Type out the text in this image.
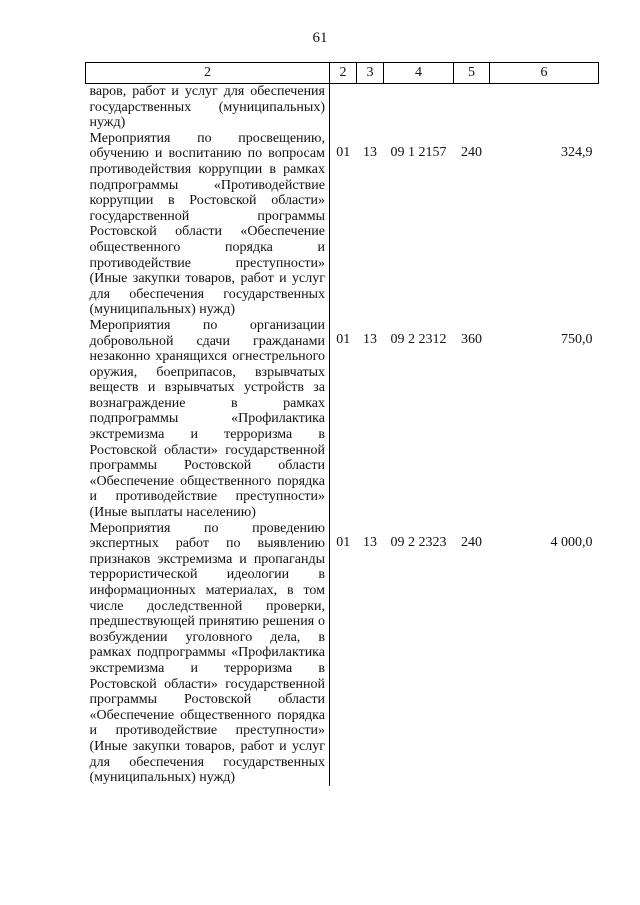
61
2	2	3	4	5	6
варов, работ и услуг для обеспечения государственных (муниципальных) нужд)					
Мероприятия по просвещению, обучению и воспитанию по вопросам противодействия коррупции в рамках подпрограммы «Противодействие коррупции в Ростовской области» государственной программы Ростовской области «Обеспечение общественного порядка и противодействие преступности» (Иные закупки товаров, работ и услуг для обеспечения государственных (муниципальных) нужд)	01	13	09 1 2157	240	324,9
Мероприятия по организации добровольной сдачи гражданами незаконно хранящихся огнестрельного оружия, боеприпасов, взрывчатых веществ и взрывчатых устройств за вознаграждение в рамках подпрограммы «Профилактика экстремизма и терроризма в Ростовской области» государственной программы Ростовской области «Обеспечение общественного порядка и противодействие преступности» (Иные выплаты населению)	01	13	09 2 2312	360	750,0
Мероприятия по проведению экспертных работ по выявлению признаков экстремизма и пропаганды террористической идеологии в информационных материалах, в том числе доследственной проверки, предшествующей принятию решения о возбуждении уголовного дела, в рамках подпрограммы «Профилактика экстремизма и терроризма в Ростовской области» государственной программы Ростовской области «Обеспечение общественного порядка и противодействие преступности» (Иные закупки товаров, работ и услуг для обеспечения государственных (муниципальных) нужд)	01	13	09 2 2323	240	4 000,0
